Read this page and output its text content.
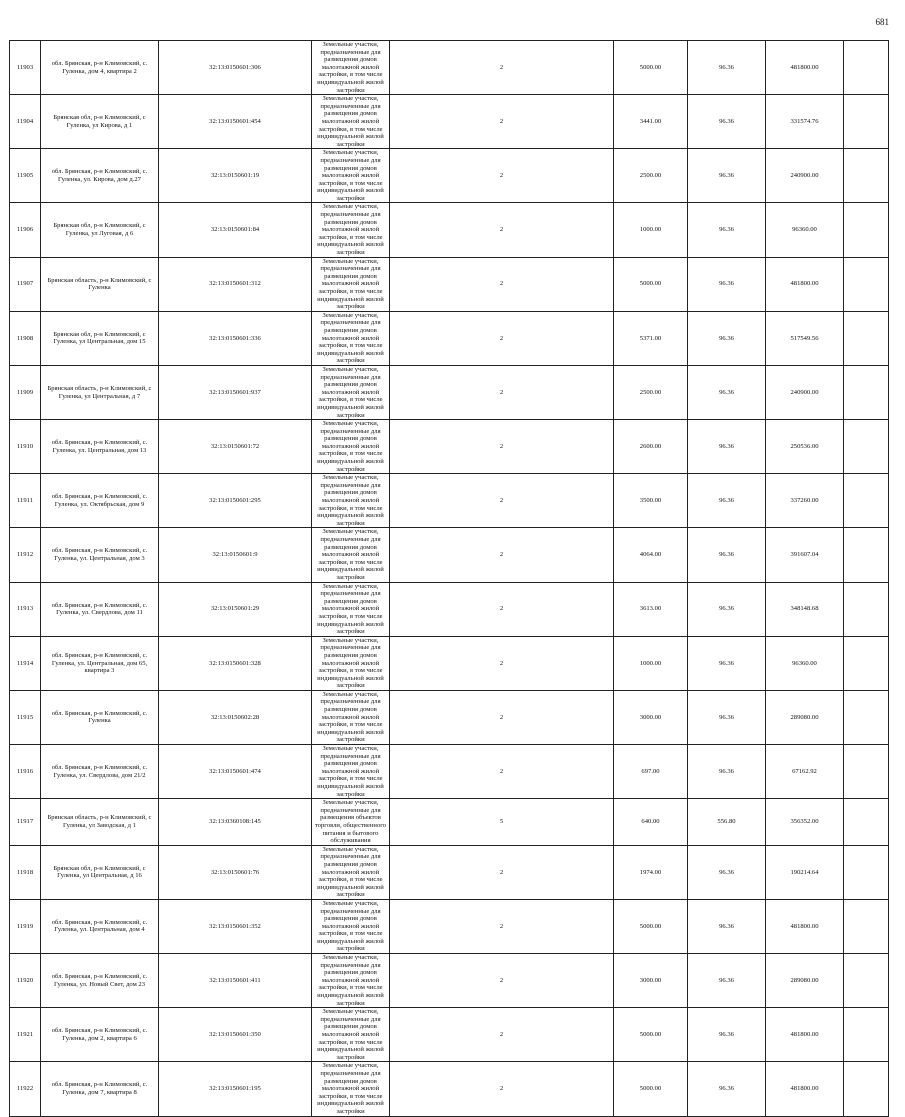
681
11903	обл. Брянская, р-н Климовский, с. Гуленка, дом 4, квартира 2	32:13:0150601:306	Земельные участки, предназначенные для размещения домов малоэтажной жилой застройки, в том числе индивидуальной жилой застройки	2	5000.00	96.36	481800.00	
11904	Брянская обл, р-н Климовский, с Гуленка, ул Кирова, д 1	32:13:0150601:454	Земельные участки, предназначенные для размещения домов малоэтажной жилой застройки, в том числе индивидуальной жилой застройки	2	3441.00	96.36	331574.76	
11905	обл. Брянская, р-н Климовский, с. Гуленка, ул. Кирова, дом д.27	32:13:0150601:19	Земельные участки, предназначенные для размещения домов малоэтажной жилой застройки, в том числе индивидуальной жилой застройки	2	2500.00	96.36	240900.00	
11906	Брянская обл, р-н Климовский, с Гуленка, ул Луговая, д 6	32:13:0150601:84	Земельные участки, предназначенные для размещения домов малоэтажной жилой застройки, в том числе индивидуальной жилой застройки	2	1000.00	96.36	96360.00	
11907	Брянская область, р-н Климовский, с Гуленка	32:13:0150601:312	Земельные участки, предназначенные для размещения домов малоэтажной жилой застройки, в том числе индивидуальной жилой застройки	2	5000.00	96.36	481800.00	
11908	Брянская обл, р-н Климовский, с Гуленка, ул Центральная, дом 15	32:13:0150601:336	Земельные участки, предназначенные для размещения домов малоэтажной жилой застройки, в том числе индивидуальной жилой застройки	2	5371.00	96.36	517549.56	
11909	Брянская область, р-н Климовский, с Гуленка, ул Центральная, д 7	32:13:0150601:937	Земельные участки, предназначенные для размещения домов малоэтажной жилой застройки, в том числе индивидуальной жилой застройки	2	2500.00	96.36	240900.00	
11910	обл. Брянская, р-н Климовский, с. Гуленка, ул. Центральная, дом 13	32:13:0150601:72	Земельные участки, предназначенные для размещения домов малоэтажной жилой застройки, в том числе индивидуальной жилой застройки	2	2600.00	96.36	250536.00	
11911	обл. Брянская, р-н Климовский, с. Гуленка, ул. Октябрьская, дом 9	32:13:0150601:295	Земельные участки, предназначенные для размещения домов малоэтажной жилой застройки, в том числе индивидуальной жилой застройки	2	3500.00	96.36	337260.00	
11912	обл. Брянская, р-н Климовский, с. Гуленка, ул. Центральная, дом 3	32:13:0150601:9	Земельные участки, предназначенные для размещения домов малоэтажной жилой застройки, в том числе индивидуальной жилой застройки	2	4064.00	96.36	391607.04	
11913	обл. Брянская, р-н Климовский, с. Гуленка, ул. Свердлова, дом 11	32:13:0150601:29	Земельные участки, предназначенные для размещения домов малоэтажной жилой застройки, в том числе индивидуальной жилой застройки	2	3613.00	96.36	348148.68	
11914	обл. Брянская, р-н Климовский, с. Гуленка, ул. Центральная, дом 65, квартира 3	32:13:0150601:328	Земельные участки, предназначенные для размещения домов малоэтажной жилой застройки, в том числе индивидуальной жилой застройки	2	1000.00	96.36	96360.00	
11915	обл. Брянская, р-н Климовский, с. Гуленка	32:13:0150602:28	Земельные участки, предназначенные для размещения домов малоэтажной жилой застройки, в том числе индивидуальной жилой застройки	2	3000.00	96.36	289080.00	
11916	обл. Брянская, р-н Климовский, с. Гуленка, ул. Свердлова, дом 21/2	32:13:0150601:474	Земельные участки, предназначенные для размещения домов малоэтажной жилой застройки, в том числе индивидуальной жилой застройки	2	697.00	96.36	67162.92	
11917	Брянская область, р-н Климовский, с Гуленка, ул Заводская, д 1	32:13:0360108:145	Земельные участки, предназначенные для размещения объектов торговли, общественного питания и бытового обслуживания	5	640.00	556.80	356352.00	
11918	Брянская обл, р-н Климовский, с Гуленка, ул Центральная, д 16	32:13:0150601:76	Земельные участки, предназначенные для размещения домов малоэтажной жилой застройки, в том числе индивидуальной жилой застройки	2	1974.00	96.36	190214.64	
11919	обл. Брянская, р-н Климовский, с. Гуленка, ул. Центральная, дом 4	32:13:0150601:352	Земельные участки, предназначенные для размещения домов малоэтажной жилой застройки, в том числе индивидуальной жилой застройки	2	5000.00	96.36	481800.00	
11920	обл. Брянская, р-н Климовский, с. Гуленка, ул. Новый Свет, дом 23	32:13:0150601:411	Земельные участки, предназначенные для размещения домов малоэтажной жилой застройки, в том числе индивидуальной жилой застройки	2	3000.00	96.36	289080.00	
11921	обл. Брянская, р-н Климовский, с. Гуленка, дом 2, квартира 6	32:13:0150601:350	Земельные участки, предназначенные для размещения домов малоэтажной жилой застройки, в том числе индивидуальной жилой застройки	2	5000.00	96.36	481800.00	
11922	обл. Брянская, р-н Климовский, с. Гуленка, дом 7, квартира 8	32:13:0150601:195	Земельные участки, предназначенные для размещения домов малоэтажной жилой застройки, в том числе индивидуальной жилой застройки	2	5000.00	96.36	481800.00	
